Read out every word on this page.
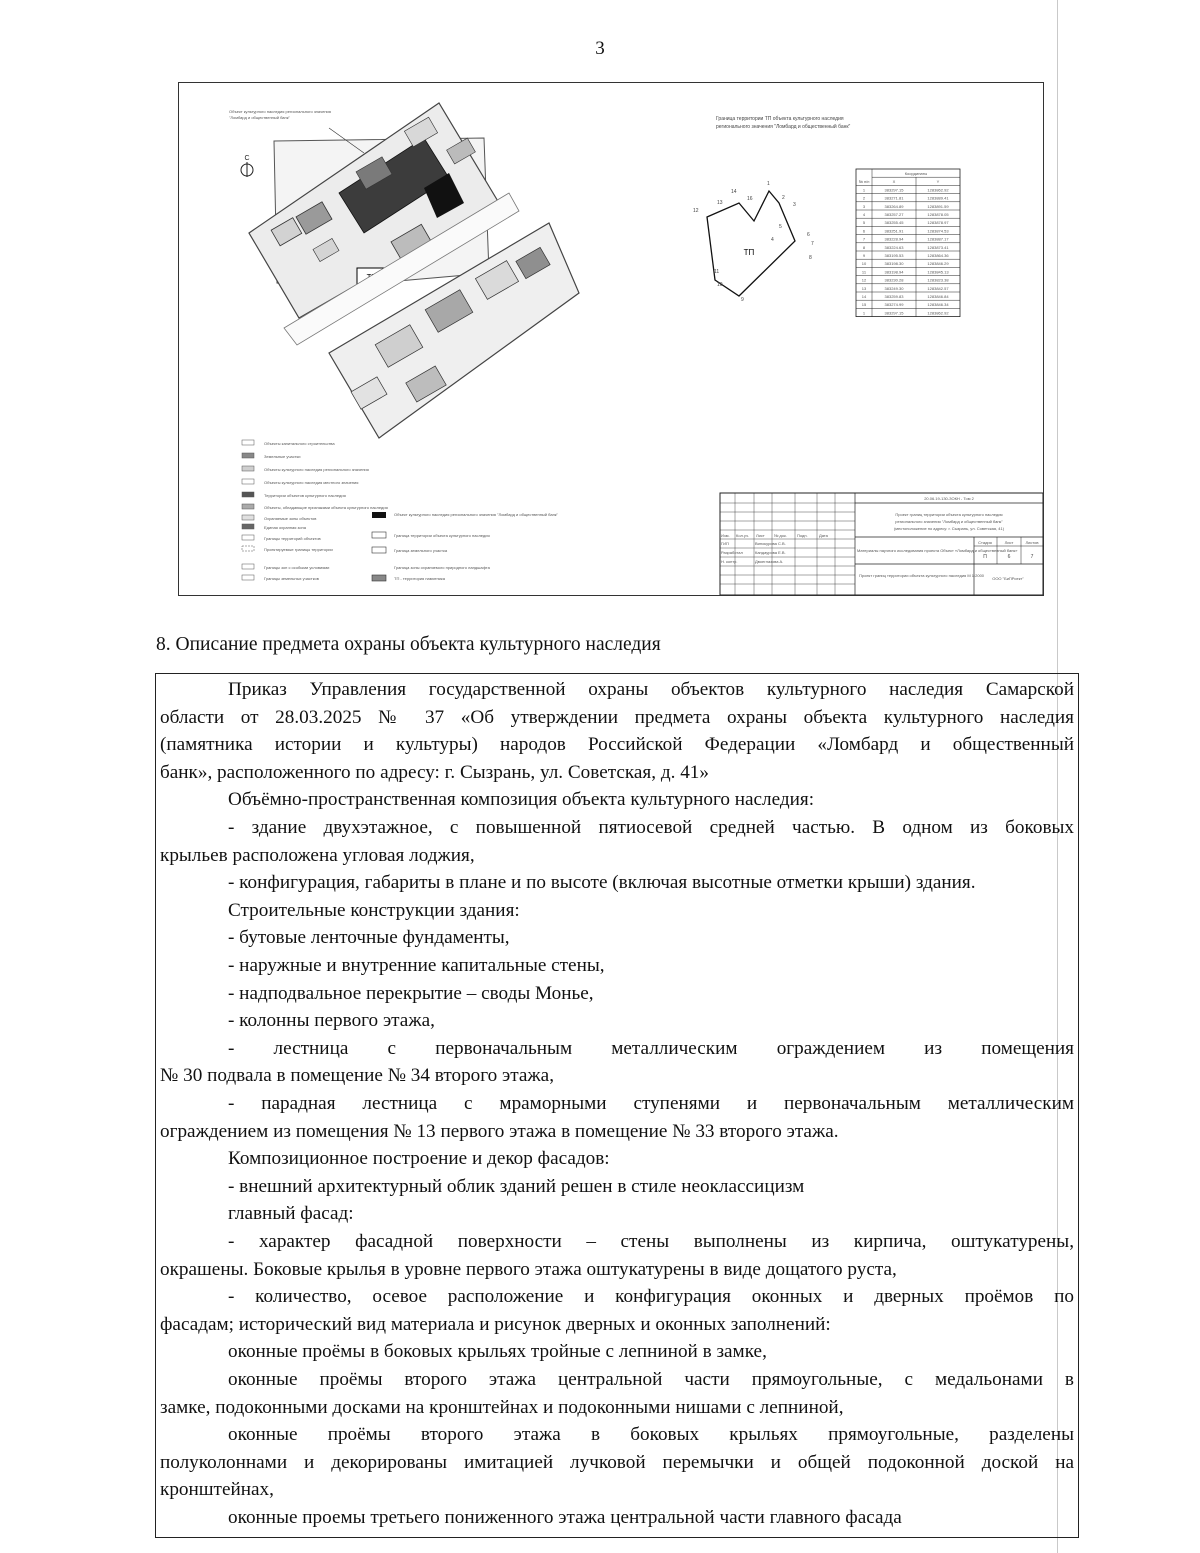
3
С
Объект культурного наследия регионального значения
"Ломбард и общественный банк"
Объекты капитального строительства
Земельные участки
Объекты культурного наследия регионального значения
Объекты культурного наследия местного значения
Территории объектов культурного наследия
Объекты, обладающие признаками объекта культурного наследия
Охраняемые зоны объектов
Единая охранная зона
Границы территорий объектов
Проектируемые границы территории
Границы зон с особыми условиями
Границы земельных участков
Объект культурного наследия регионального значения "Ломбард и общественный банк"
Граница территории объекта культурного наследия
Граница земельного участка
Граница зоны охраняемого природного ландшафта
ТП - территория памятника
Граница территории ТП объекта культурного наследия
регионального значения "Ломбард и общественный банк"
ТП
14
13
16
1
2
3
4
5
6
7
8
12
11
10
9
№ п/п
Координаты
X	Y
1	383297.15	1283862.92
2	383271.81	1283889.41
3	383264.89	1283891.59
4	383257.27	1283878.05
5	383255.45	1283878.97
6	383251.91	1283874.53
7	383228.94	1283887.17
8	383224.63	1283873.41
9	383195.53	1283864.36
10	383198.30	1283846.29
11	383198.94	1283845.13
12	383230.28	1283823.38
13	383249.30	1283842.57
14	383259.83	1283846.84
15	383274.99	1283846.34
1	383297.15	1283862.92
Изм. Кол.уч. Лист № док.	Подп.	Дата
ГИП	Винокурова С.В.
Разработал	Кандаурова Е.В.
Н. контр.	Двоеглазова А.
20.06.19-130-ЗОКН - Том 2
Проект границ территории объекта культурного наследия
регионального значения "Ломбард и общественный банк"
(местоположение по адресу: г. Сызрань, ул. Советская, 41)
Материалы научного исследования проекта Объект «Ломбард и общественный банк»
Стадия	Лист	Листов
П	6	7
Проект границ территории объекта культурного наследия М 1:2000
ООО "БиПРоект"
8. Описание предмета охраны объекта культурного наследия
Приказ Управления государственной охраны объектов культурного наследия Самарской
области от 28.03.2025 № 37 «Об утверждении предмета охраны объекта культурного наследия
(памятника истории и культуры) народов Российской Федерации «Ломбард и общественный
банк», расположенного по адресу: г. Сызрань, ул. Советская, д. 41»
Объёмно-пространственная композиция объекта культурного наследия:
- здание двухэтажное, с повышенной пятиосевой средней частью. В одном из боковых
крыльев расположена угловая лоджия,
- конфигурация, габариты в плане и по высоте (включая высотные отметки крыши) здания.
Строительные конструкции здания:
- бутовые ленточные фундаменты,
- наружные и внутренние капитальные стены,
- надподвальное перекрытие – своды Монье,
- колонны первого этажа,
- лестница с первоначальным металлическим ограждением из помещения
№ 30 подвала в помещение № 34 второго этажа,
- парадная лестница с мраморными ступенями и первоначальным металлическим
ограждением из помещения № 13 первого этажа в помещение № 33 второго этажа.
Композиционное построение и декор фасадов:
- внешний архитектурный облик зданий решен в стиле неоклассицизм
главный фасад:
- характер фасадной поверхности – стены выполнены из кирпича, оштукатурены,
окрашены. Боковые крылья в уровне первого этажа оштукатурены в виде дощатого руста,
- количество, осевое расположение и конфигурация оконных и дверных проёмов по
фасадам; исторический вид материала и рисунок дверных и оконных заполнений:
оконные проёмы в боковых крыльях тройные с лепниной в замке,
оконные проёмы второго этажа центральной части прямоугольные, с медальонами в
замке, подоконными досками на кронштейнах и подоконными нишами с лепниной,
оконные проёмы второго этажа в боковых крыльях прямоугольные, разделены
полуколоннами и декорированы имитацией лучковой перемычки и общей подоконной доской на
кронштейнах,
оконные проемы третьего пониженного этажа центральной части главного фасада
